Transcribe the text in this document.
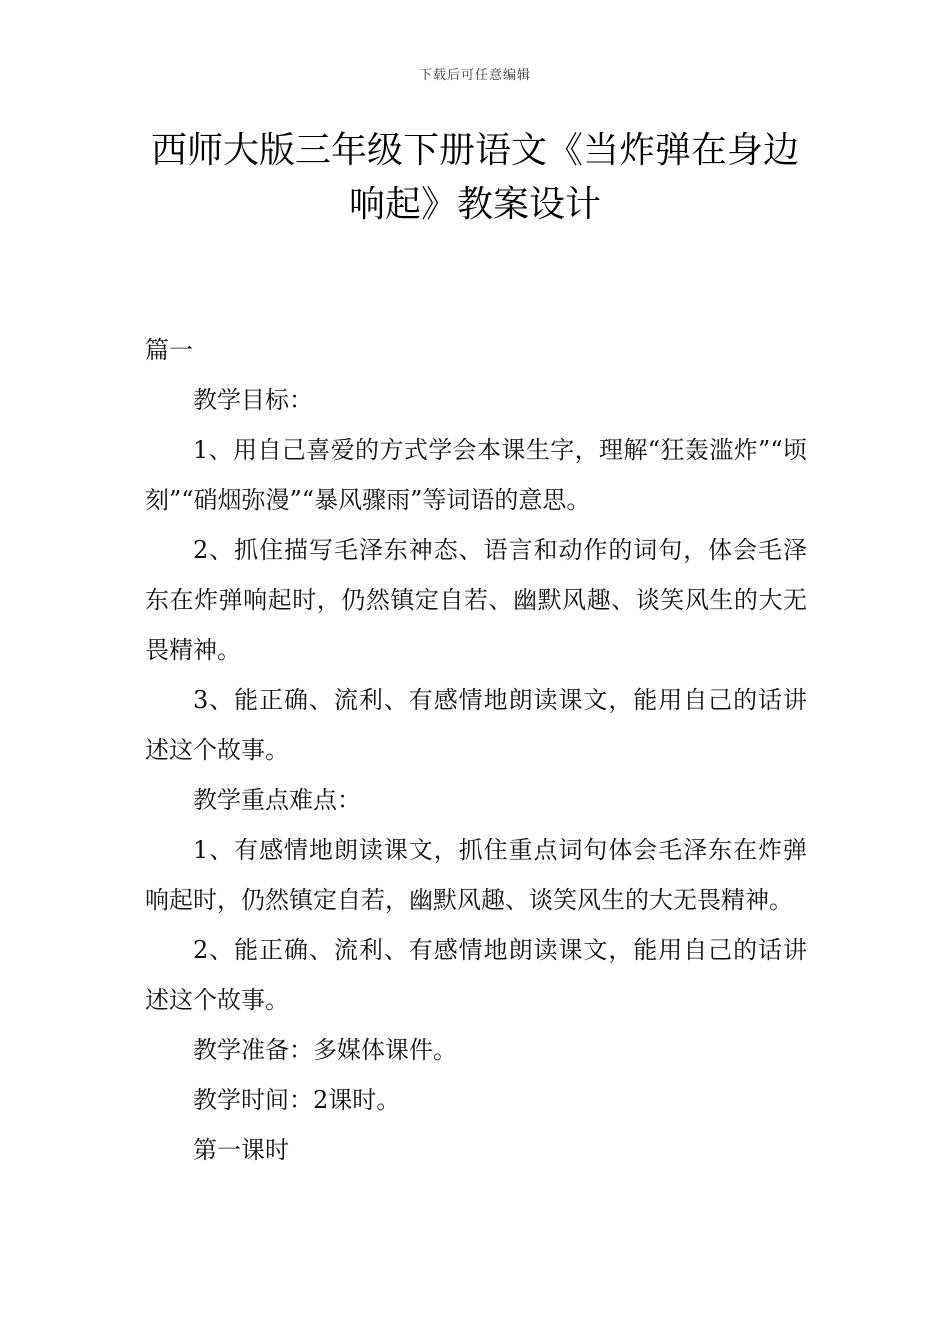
下载后可任意编辑
西师大版三年级下册语文《当炸弹在身边响起》教案设计

篇一

教学目标：

1、用自己喜爱的方式学会本课生字，理解“狂轰滥炸”“顷刻”“硝烟弥漫”“暴风骤雨”等词语的意思。

2、抓住描写毛泽东神态、语言和动作的词句，体会毛泽东在炸弹响起时，仍然镇定自若、幽默风趣、谈笑风生的大无畏精神。

3、能正确、流利、有感情地朗读课文，能用自己的话讲述这个故事。

教学重点难点：

1、有感情地朗读课文，抓住重点词句体会毛泽东在炸弹响起时，仍然镇定自若，幽默风趣、谈笑风生的大无畏精神。

2、能正确、流利、有感情地朗读课文，能用自己的话讲述这个故事。

教学准备：多媒体课件。

教学时间：2课时。

第一课时
